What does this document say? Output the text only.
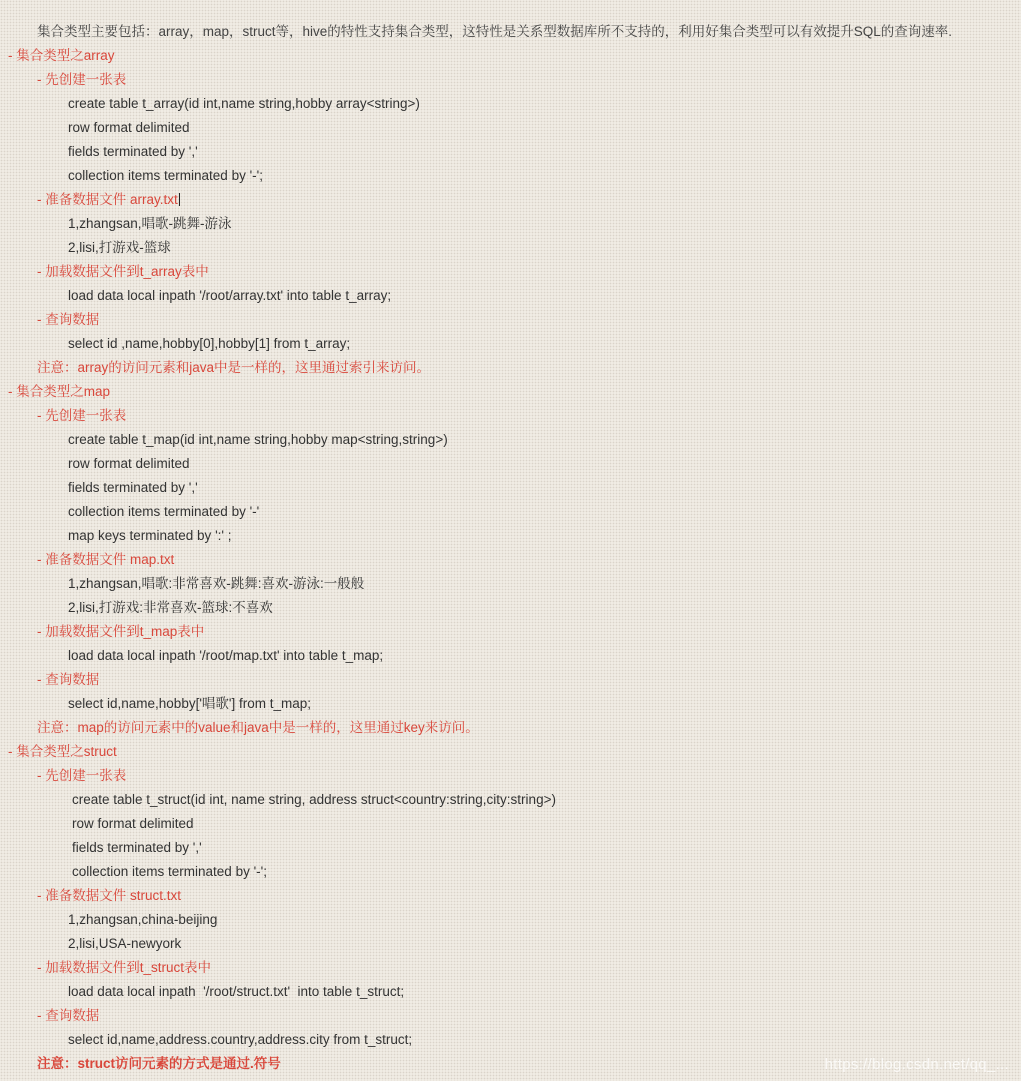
集合类型主要包括：array，map，struct等，hive的特性支持集合类型，这特性是关系型数据库所不支持的，利用好集合类型可以有效提升SQL的查询速率.
- 集合类型之array
- 先创建一张表
create table t_array(id int,name string,hobby array<string>)
row format delimited
fields terminated by ','
collection items terminated by '-';
- 准备数据文件 array.txt
1,zhangsan,唱歌-跳舞-游泳
2,lisi,打游戏-篮球
- 加载数据文件到t_array表中
load data local inpath '/root/array.txt' into table t_array;
- 查询数据
select id ,name,hobby[0],hobby[1] from t_array;
注意：array的访问元素和java中是一样的，这里通过索引来访问。
- 集合类型之map
- 先创建一张表
create table t_map(id int,name string,hobby map<string,string>)
row format delimited
fields terminated by ','
collection items terminated by '-'
map keys terminated by ':' ;
- 准备数据文件 map.txt
1,zhangsan,唱歌:非常喜欢-跳舞:喜欢-游泳:一般般
2,lisi,打游戏:非常喜欢-篮球:不喜欢
- 加载数据文件到t_map表中
load data local inpath '/root/map.txt' into table t_map;
- 查询数据
select id,name,hobby['唱歌'] from t_map;
注意：map的访问元素中的value和java中是一样的，这里通过key来访问。
- 集合类型之struct
- 先创建一张表
create table t_struct(id int, name string, address struct<country:string,city:string>)
row format delimited
fields terminated by ','
collection items terminated by '-';
- 准备数据文件 struct.txt
1,zhangsan,china-beijing
2,lisi,USA-newyork
- 加载数据文件到t_struct表中
load data local inpath  '/root/struct.txt'  into table t_struct;
- 查询数据
select id,name,address.country,address.city from t_struct;
注意：struct访问元素的方式是通过.符号	https://blog.csdn.net/qq_...
